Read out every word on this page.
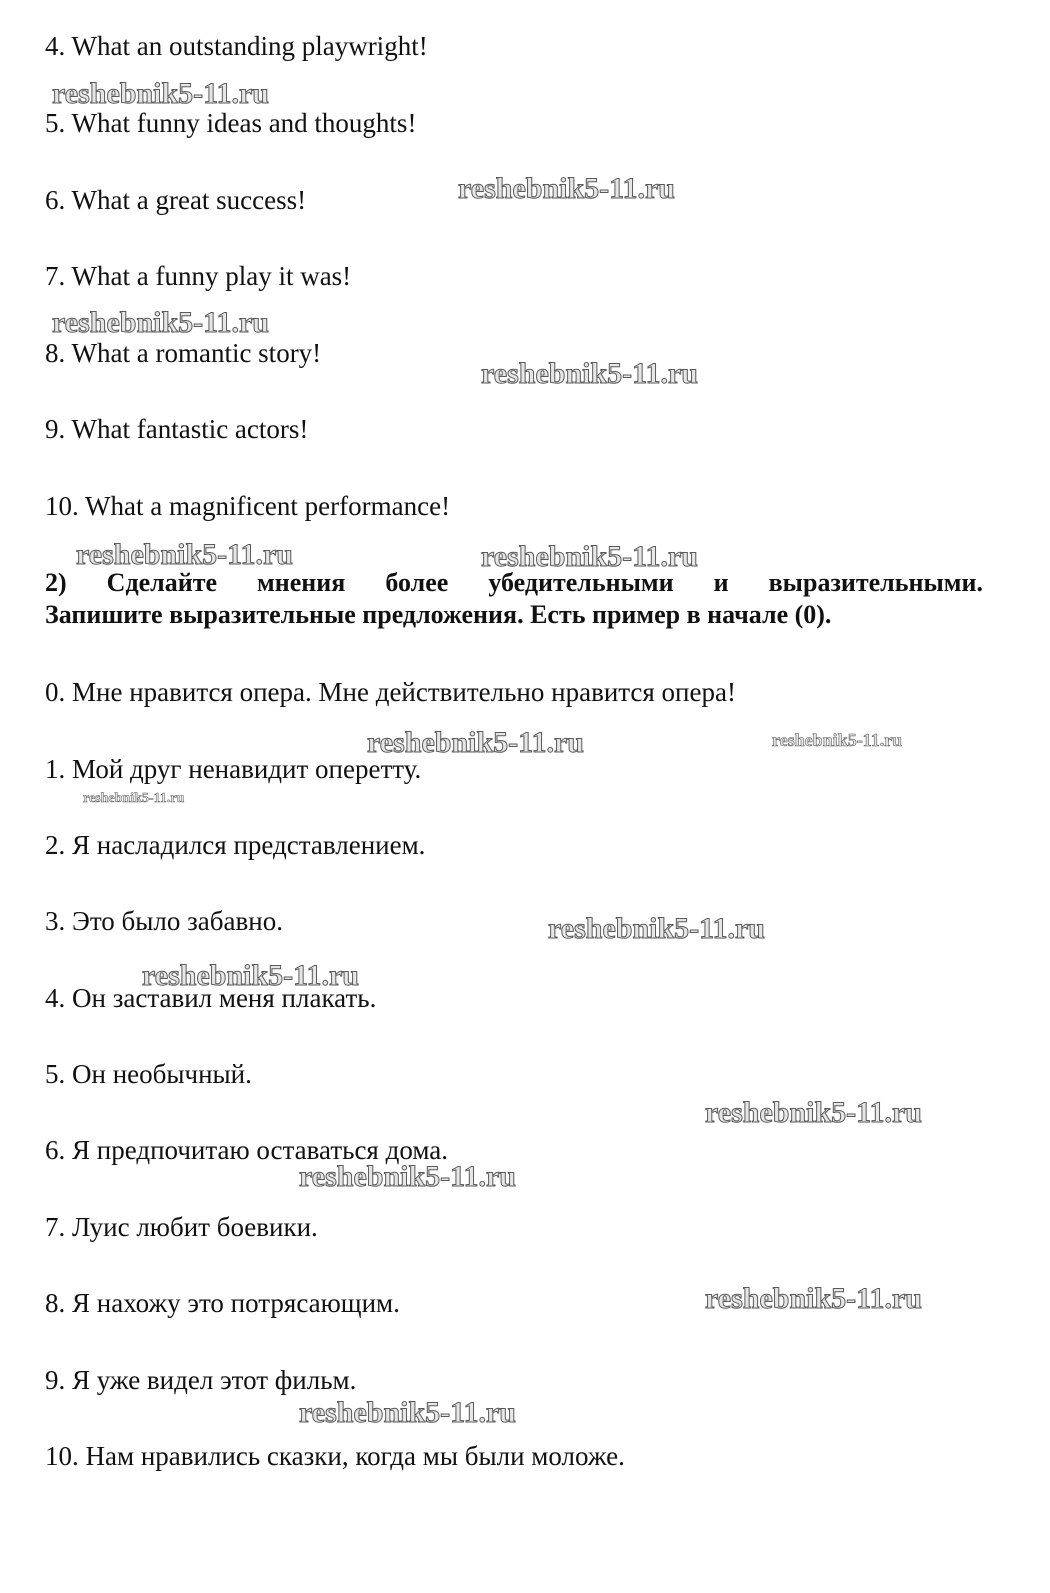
4. What an outstanding playwright!
5. What funny ideas and thoughts!
6. What a great success!
7. What a funny play it was!
8. What a romantic story!
9. What fantastic actors!
10. What a magnificent performance!
2) Сделайте мнения более убедительными и выразительными.
Запишите выразительные предложения. Есть пример в начале (0).
0. Мне нравится опера. Мне действительно нравится опера!
1. Мой друг ненавидит оперетту.
2. Я насладился представлением.
3. Это было забавно.
4. Он заставил меня плакать.
5. Он необычный.
6. Я предпочитаю оставаться дома.
7. Луис любит боевики.
8. Я нахожу это потрясающим.
9. Я уже видел этот фильм.
10. Нам нравились сказки, когда мы были моложе.
reshebnik5-11.ru
reshebnik5-11.ru
reshebnik5-11.ru
reshebnik5-11.ru
reshebnik5-11.ru	reshebnik5-11.ru
reshebnik5-11.ru	reshebnik5-11.ru
reshebnik5-11.ru
reshebnik5-11.ru
reshebnik5-11.ru
reshebnik5-11.ru
reshebnik5-11.ru
reshebnik5-11.ru
reshebnik5-11.ru
